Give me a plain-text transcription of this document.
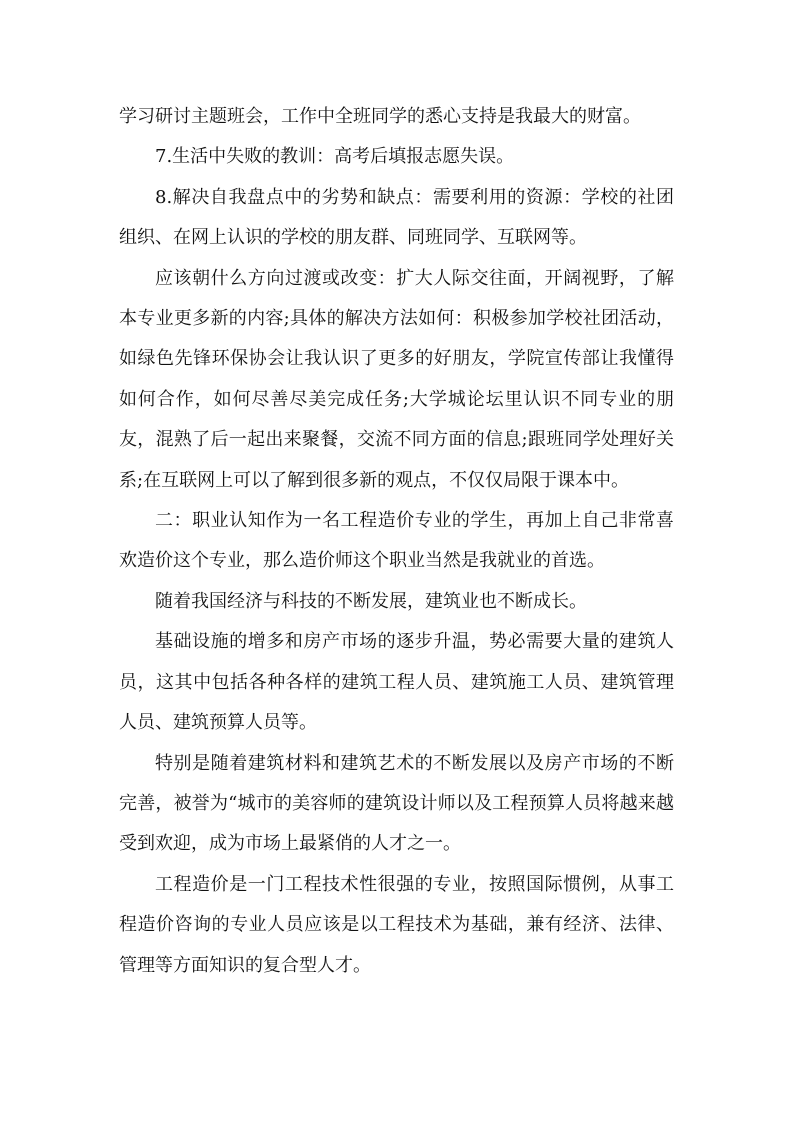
学习研讨主题班会，工作中全班同学的悉心支持是我最大的财富。

7.生活中失败的教训：高考后填报志愿失误。

8.解决自我盘点中的劣势和缺点：需要利用的资源：学校的社团组织、在网上认识的学校的朋友群、同班同学、互联网等。

应该朝什么方向过渡或改变：扩大人际交往面，开阔视野，了解本专业更多新的内容;具体的解决方法如何：积极参加学校社团活动，如绿色先锋环保协会让我认识了更多的好朋友，学院宣传部让我懂得如何合作，如何尽善尽美完成任务;大学城论坛里认识不同专业的朋友，混熟了后一起出来聚餐，交流不同方面的信息;跟班同学处理好关系;在互联网上可以了解到很多新的观点，不仅仅局限于课本中。

二：职业认知作为一名工程造价专业的学生，再加上自己非常喜欢造价这个专业，那么造价师这个职业当然是我就业的首选。

随着我国经济与科技的不断发展，建筑业也不断成长。

基础设施的增多和房产市场的逐步升温，势必需要大量的建筑人员，这其中包括各种各样的建筑工程人员、建筑施工人员、建筑管理人员、建筑预算人员等。

特别是随着建筑材料和建筑艺术的不断发展以及房产市场的不断完善，被誉为“城市的美容师的建筑设计师以及工程预算人员将越来越受到欢迎，成为市场上最紧俏的人才之一。

工程造价是一门工程技术性很强的专业，按照国际惯例，从事工程造价咨询的专业人员应该是以工程技术为基础，兼有经济、法律、管理等方面知识的复合型人才。
